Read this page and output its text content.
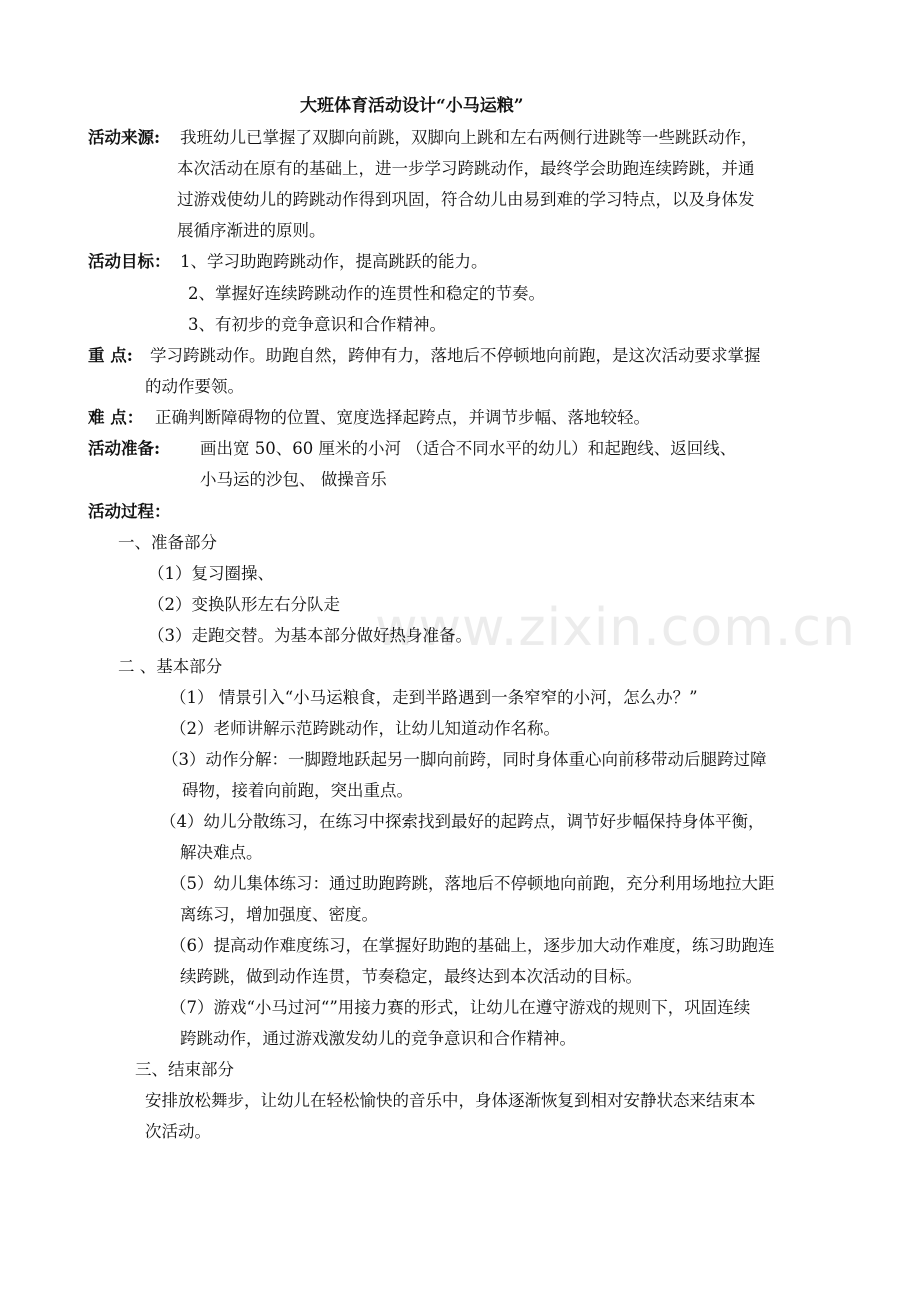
www.zixin.com.cn

大班体育活动设计“小马运粮”

活动来源: 我班幼儿已掌握了双脚向前跳，双脚向上跳和左右两侧行进跳等一些跳跃动作，

本次活动在原有的基础上，进一步学习跨跳动作，最终学会助跑连续跨跳，并通

过游戏使幼儿的跨跳动作得到巩固，符合幼儿由易到难的学习特点，以及身体发

展循序渐进的原则。

活动目标： 1、学习助跑跨跳动作，提高跳跃的能力。

2、掌握好连续跨跳动作的连贯性和稳定的节奏。

3、有初步的竞争意识和合作精神。

重 点: 学习跨跳动作。助跑自然，跨伸有力，落地后不停顿地向前跑，是这次活动要求掌握

的动作要领。

难 点： 正确判断障碍物的位置、宽度选择起跨点，并调节步幅、落地较轻。

活动准备: 画出宽 50、60 厘米的小河 （适合不同水平的幼儿）和起跑线、返回线、

小马运的沙包、 做操音乐

活动过程：

一、准备部分

（1）复习圈操、

（2）变换队形左右分队走

（3）走跑交替。为基本部分做好热身准备。

二 、基本部分

（1） 情景引入“小马运粮食，走到半路遇到一条窄窄的小河，怎么办？”

（2）老师讲解示范跨跳动作，让幼儿知道动作名称。

（3）动作分解：一脚蹬地跃起另一脚向前跨，同时身体重心向前移带动后腿跨过障

碍物，接着向前跑，突出重点。

（4）幼儿分散练习，在练习中探索找到最好的起跨点，调节好步幅保持身体平衡，

解决难点。

（5）幼儿集体练习：通过助跑跨跳，落地后不停顿地向前跑，充分利用场地拉大距

离练习，增加强度、密度。

（6）提高动作难度练习，在掌握好助跑的基础上，逐步加大动作难度，练习助跑连

续跨跳，做到动作连贯，节奏稳定，最终达到本次活动的目标。

（7）游戏“小马过河“”用接力赛的形式，让幼儿在遵守游戏的规则下，巩固连续

跨跳动作，通过游戏激发幼儿的竞争意识和合作精神。

三、结束部分

安排放松舞步，让幼儿在轻松愉快的音乐中，身体逐渐恢复到相对安静状态来结束本

次活动。
